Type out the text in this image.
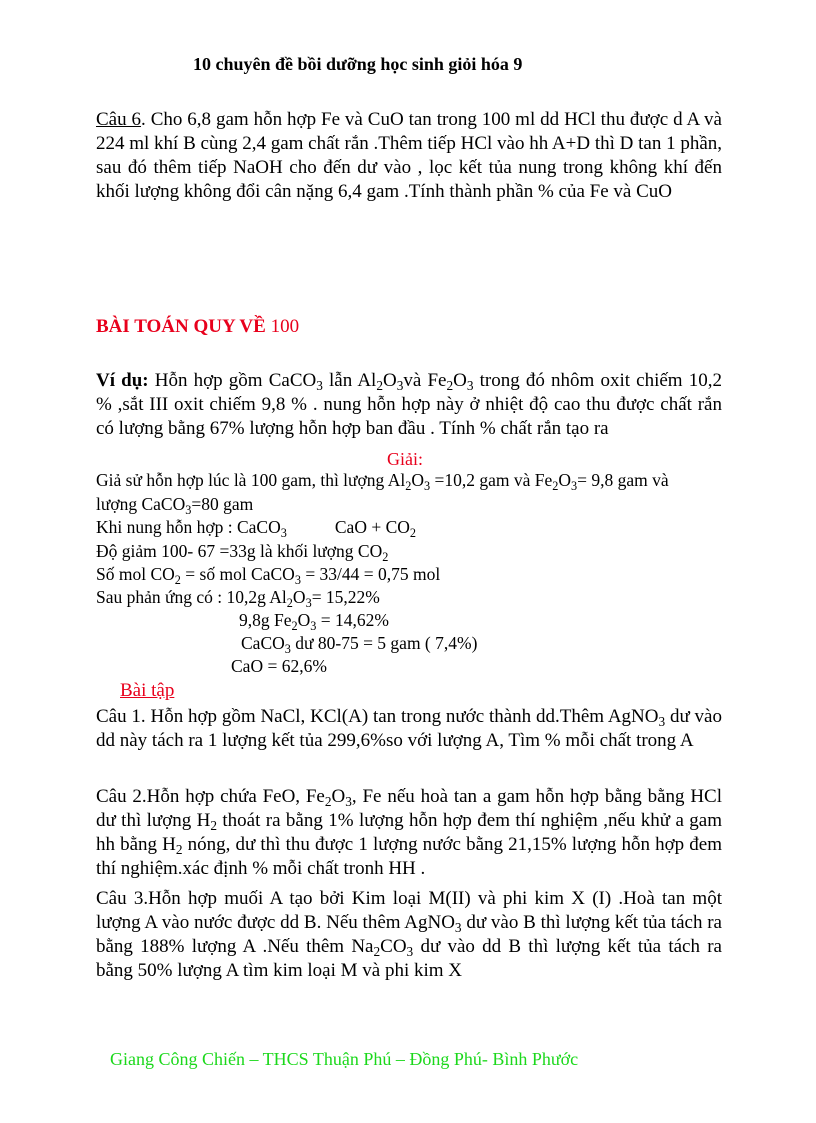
10 chuyên đề bồi dưỡng học sinh giỏi hóa 9
Câu 6. Cho 6,8 gam hỗn hợp Fe và CuO tan trong 100 ml dd HCl thu được d A và 224 ml khí B cùng 2,4 gam chất rắn .Thêm tiếp HCl vào hh A+D thì D tan 1 phần, sau đó thêm tiếp NaOH cho đến dư vào , lọc kết tủa nung trong không khí đến khối lượng không đổi cân nặng 6,4 gam .Tính thành phần % của Fe và CuO
BÀI TOÁN QUY VỀ 100
Ví dụ: Hỗn hợp gồm CaCO$_3$ lẫn $Al_2O_3và$ $Fe_2O_3$ trong đó nhôm oxit chiếm 10,2 % ,sắt III oxit chiếm 9,8 % . nung hỗn hợp này ở nhiệt độ cao thu được chất rắn có lượng bằng 67% lượng hỗn hợp ban đầu . Tính % chất rắn tạo ra
Giải:
Giả sử hỗn hợp lúc là 100 gam, thì lượng $Al_2O_3 =10,2$ gam và $Fe_2O_3= 9,8$ gam và
lượng CaCO$_3$=80 gam
Khi nung hỗn hợp : CaCO$_3$	CaO + $CO_2$
Độ giảm 100- 67 =33g là khối lượng $CO_2$
Số mol $CO_2$ = số mol CaCO$_3$ = 33/44 = 0,75 mol
Sau phản ứng có : 10,2g $Al_2O_3= 15,22\%$
9,8g $Fe_2O_3 = 14,62\%$
CaCO$_3$ dư 80-75 = 5 gam ( 7,4%)
CaO = 62,6%
Bài tập
Câu 1. Hỗn hợp gồm NaCl, KCl(A) tan trong nước thành dd.Thêm AgNO$_3$ dư vào dd này tách ra 1 lượng kết tủa 299,6%so với lượng A, Tìm % mỗi chất trong A
Câu 2.Hỗn hợp chứa FeO, $Fe_2O_3$, Fe nếu hoà tan a gam hỗn hợp bằng bằng HCl dư thì lượng $H_2$ thoát ra bằng 1% lượng hỗn hợp đem thí nghiệm ,nếu khử a gam hh bằng $H_2$ nóng, dư thì thu được 1 lượng nước bằng 21,15% lượng hỗn hợp đem thí nghiệm.xác định % mỗi chất tronh HH .
Câu 3.Hỗn hợp muối A tạo bởi Kim loại M(II) và phi kim X (I) .Hoà tan một lượng A vào nước được dd B. Nếu thêm AgNO$_3$ dư vào B thì lượng kết tủa tách ra bằng 188% lượng A .Nếu thêm $Na_2CO_3$ dư vào dd B thì lượng kết tủa tách ra bằng 50% lượng A tìm kim loại M và phi kim X
Giang Công Chiến – THCS Thuận Phú – Đồng Phú- Bình Phước
